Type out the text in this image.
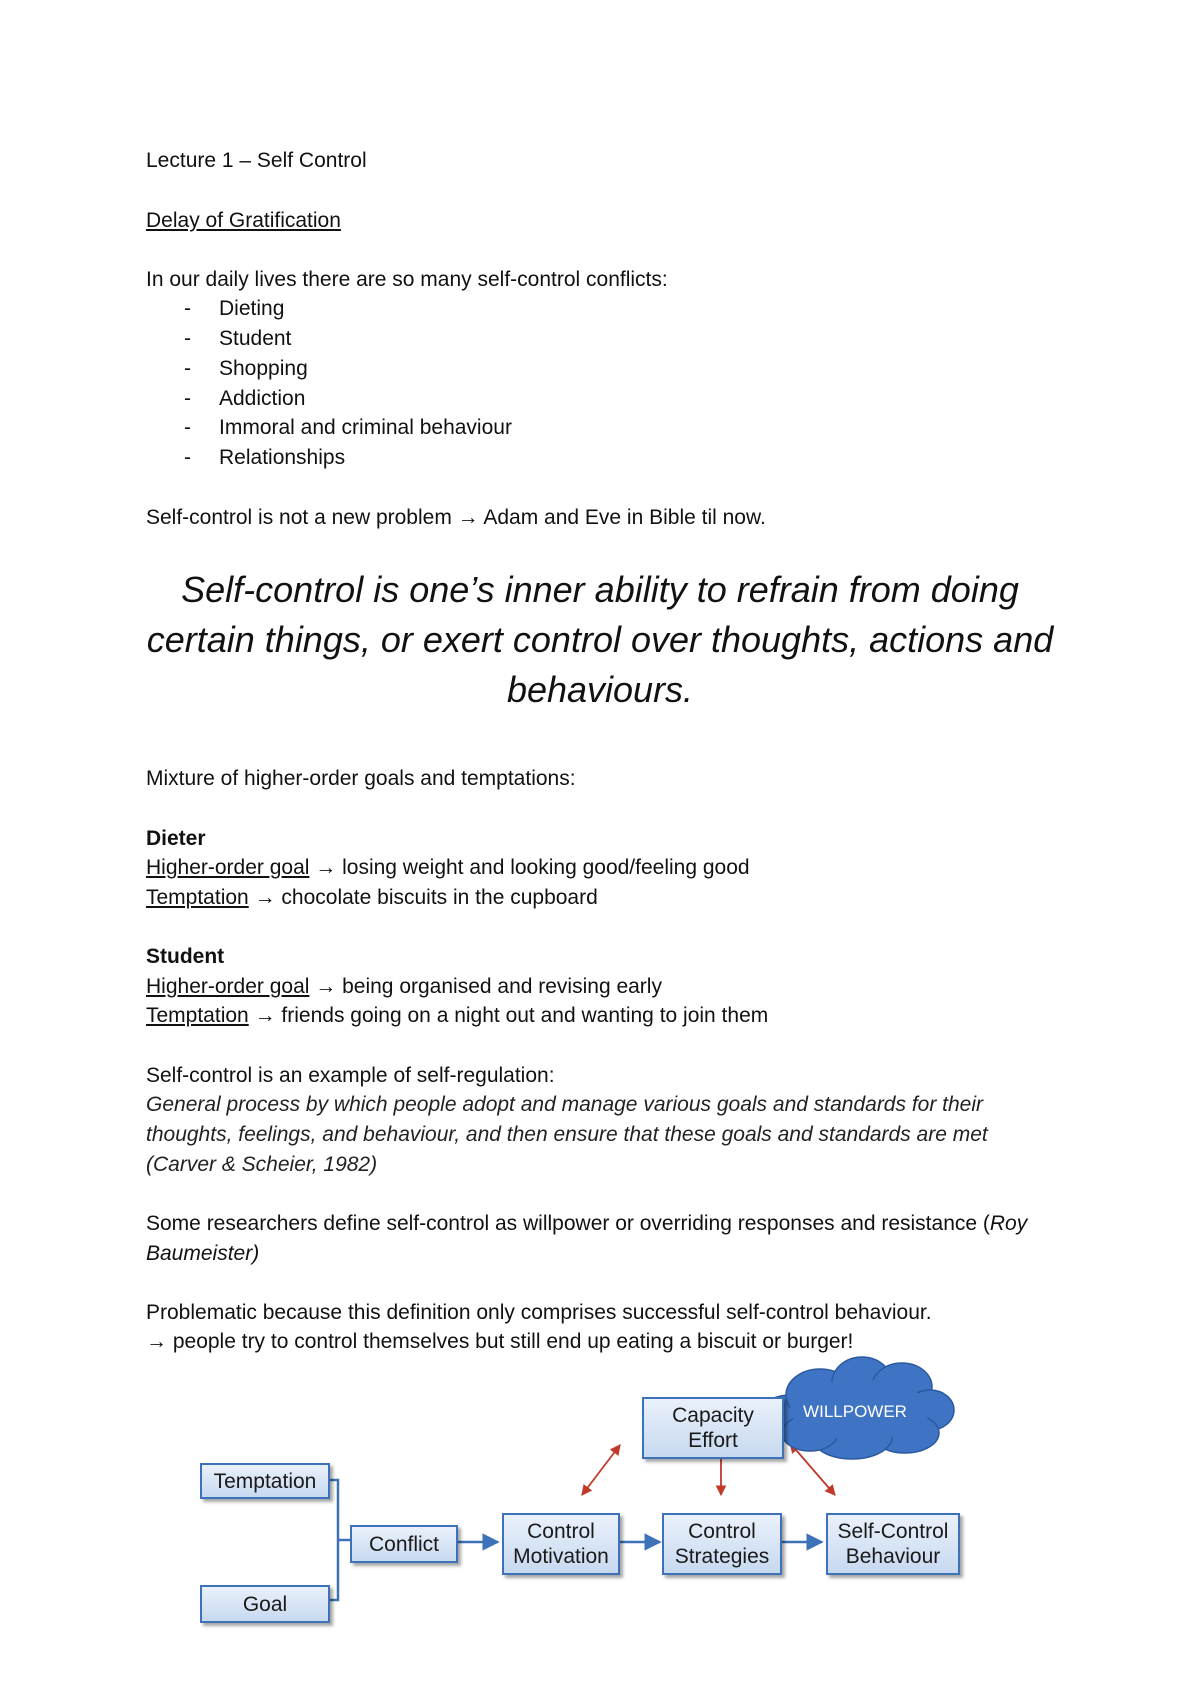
Lecture 1 – Self Control
Delay of Gratification
In our daily lives there are so many self-control conflicts:
- Dieting
- Student
- Shopping
- Addiction
- Immoral and criminal behaviour
- Relationships
Self-control is not a new problem → Adam and Eve in Bible til now.
Self-control is one’s inner ability to refrain from doing certain things, or exert control over thoughts, actions and behaviours.
Mixture of higher-order goals and temptations:
Dieter
Higher-order goal → losing weight and looking good/feeling good
Temptation → chocolate biscuits in the cupboard
Student
Higher-order goal → being organised and revising early
Temptation → friends going on a night out and wanting to join them
Self-control is an example of self-regulation:
General process by which people adopt and manage various goals and standards for their thoughts, feelings, and behaviour, and then ensure that these goals and standards are met (Carver & Scheier, 1982)
Some researchers define self-control as willpower or overriding responses and resistance (Roy Baumeister)
Problematic because this definition only comprises successful self-control behaviour.
→ people try to control themselves but still end up eating a biscuit or burger!
WILLPOWER
Capacity
Effort
Temptation
Goal
Conflict
Control
Motivation
Control
Strategies
Self-Control
Behaviour
